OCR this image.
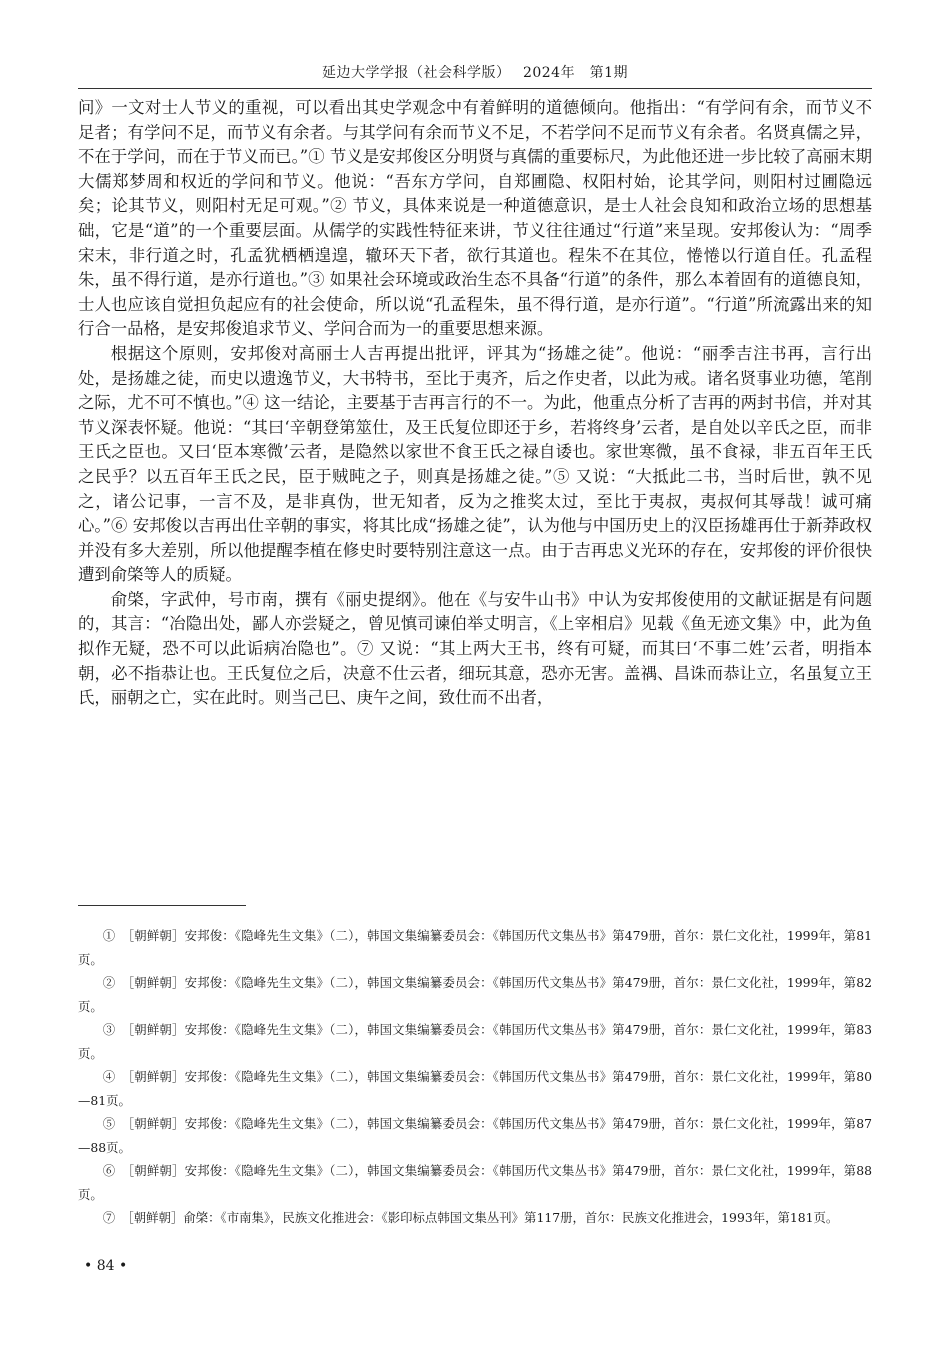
延边大学学报（社会科学版）　 2024年　第1期

问》一文对士人节义的重视，可以看出其史学观念中有着鲜明的道德倾向。他指出：“有学问有余，而节义不足者；有学问不足，而节义有余者。与其学问有余而节义不足，不若学问不足而节义有余者。名贤真儒之异，不在于学问，而在于节义而已。”① 节义是安邦俊区分明贤与真儒的重要标尺，为此他还进一步比较了高丽末期大儒郑梦周和权近的学问和节义。他说：“吾东方学问，自郑圃隐、权阳村始，论其学问，则阳村过圃隐远矣；论其节义，则阳村无足可观。”② 节义，具体来说是一种道德意识，是士人社会良知和政治立场的思想基础，它是“道”的一个重要层面。从儒学的实践性特征来讲，节义往往通过“行道”来呈现。安邦俊认为：“周季宋末，非行道之时，孔孟犹栖栖遑遑，辙环天下者，欲行其道也。程朱不在其位，惓惓以行道自任。孔孟程朱，虽不得行道，是亦行道也。”③ 如果社会环境或政治生态不具备“行道”的条件，那么本着固有的道德良知，士人也应该自觉担负起应有的社会使命，所以说“孔孟程朱，虽不得行道，是亦行道”。“行道”所流露出来的知行合一品格，是安邦俊追求节义、学问合而为一的重要思想来源。

根据这个原则，安邦俊对高丽士人吉再提出批评，评其为“扬雄之徒”。他说：“丽季吉注书再，言行出处，是扬雄之徒，而史以遗逸节义，大书特书，至比于夷齐，后之作史者，以此为戒。诸名贤事业功德，笔削之际，尤不可不慎也。”④ 这一结论，主要基于吉再言行的不一。为此，他重点分析了吉再的两封书信，并对其节义深表怀疑。他说：“其曰‘辛朝登第筮仕，及王氏复位即还于乡，若将终身’云者，是自处以辛氏之臣，而非王氏之臣也。又曰‘臣本寒微’云者，是隐然以家世不食王氏之禄自诿也。家世寒微，虽不食禄，非五百年王氏之民乎？以五百年王氏之民，臣于贼旽之子，则真是扬雄之徒。”⑤ 又说：“大抵此二书，当时后世，孰不见之，诸公记事，一言不及，是非真伪，世无知者，反为之推奖太过，至比于夷叔，夷叔何其辱哉！诚可痛心。”⑥ 安邦俊以吉再出仕辛朝的事实，将其比成“扬雄之徒”，认为他与中国历史上的汉臣扬雄再仕于新莽政权并没有多大差别，所以他提醒李植在修史时要特别注意这一点。由于吉再忠义光环的存在，安邦俊的评价很快遭到俞棨等人的质疑。

俞棨，字武仲，号市南，撰有《丽史提纲》。他在《与安牛山书》中认为安邦俊使用的文献证据是有问题的，其言：“冶隐出处，鄙人亦尝疑之，曾见慎司谏伯举丈明言，《上宰相启》见载《鱼无迹文集》中，此为鱼拟作无疑，恐不可以此诟病冶隐也”。⑦ 又说：“其上两大王书，终有可疑，而其曰‘不事二姓’云者，明指本朝，必不指恭让也。王氏复位之后，决意不仕云者，细玩其意，恐亦无害。盖禑、昌诛而恭让立，名虽复立王氏，丽朝之亡，实在此时。则当己巳、庚午之间，致仕而不出者，

①　［朝鲜朝］安邦俊：《隐峰先生文集》（二），韩国文集编纂委员会：《韩国历代文集丛书》第479册，首尔：景仁文化社，1999年，第81页。

②　［朝鲜朝］安邦俊：《隐峰先生文集》（二），韩国文集编纂委员会：《韩国历代文集丛书》第479册，首尔：景仁文化社，1999年，第82页。

③　［朝鲜朝］安邦俊：《隐峰先生文集》（二），韩国文集编纂委员会：《韩国历代文集丛书》第479册，首尔：景仁文化社，1999年，第83页。

④　［朝鲜朝］安邦俊：《隐峰先生文集》（二），韩国文集编纂委员会：《韩国历代文集丛书》第479册，首尔：景仁文化社，1999年，第80—81页。

⑤　［朝鲜朝］安邦俊：《隐峰先生文集》（二），韩国文集编纂委员会：《韩国历代文集丛书》第479册，首尔：景仁文化社，1999年，第87—88页。

⑥　［朝鲜朝］安邦俊：《隐峰先生文集》（二），韩国文集编纂委员会：《韩国历代文集丛书》第479册，首尔：景仁文化社，1999年，第88页。

⑦　［朝鲜朝］俞棨：《市南集》，民族文化推进会：《影印标点韩国文集丛刊》第117册，首尔：民族文化推进会，1993年，第181页。

• 84 •
